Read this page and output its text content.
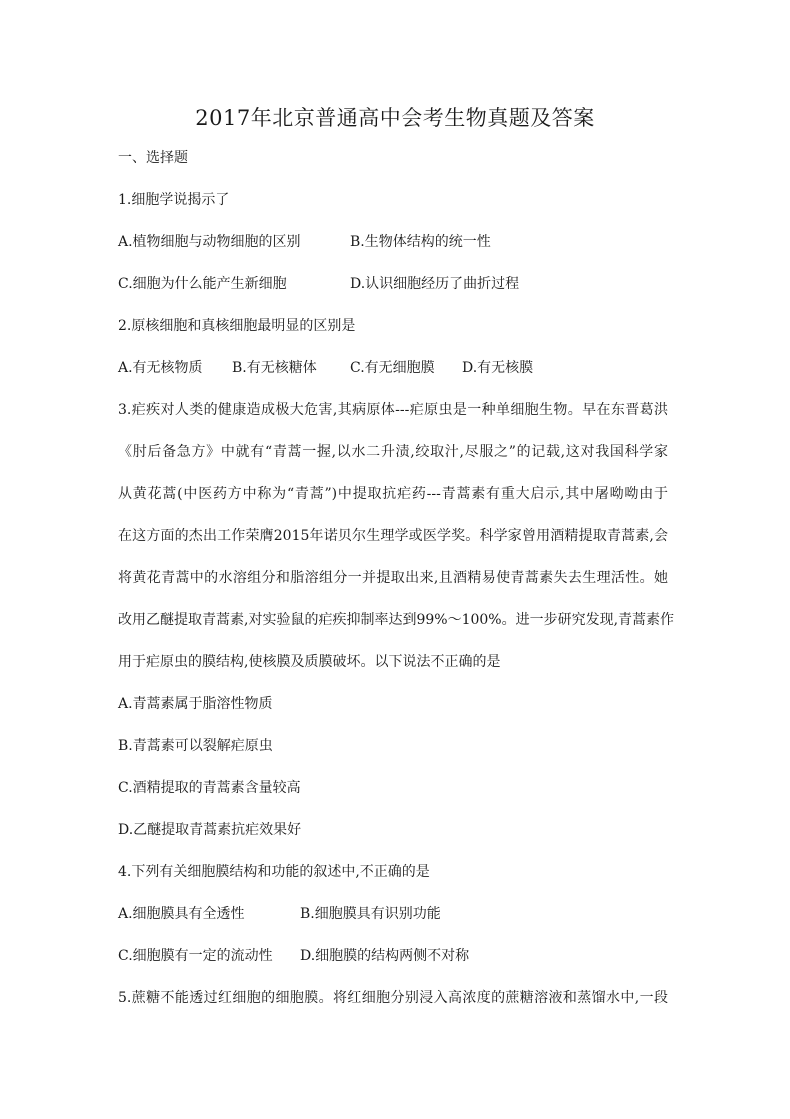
2017年北京普通高中会考生物真题及答案
一、选择题
1.细胞学说揭示了
A.植物细胞与动物细胞的区别	B.生物体结构的统一性
C.细胞为什么能产生新细胞	D.认识细胞经历了曲折过程
2.原核细胞和真核细胞最明显的区别是
A.有无核物质 B.有无核糖体 C.有无细胞膜 D.有无核膜
3.疟疾对人类的健康造成极大危害,其病原体---疟原虫是一种单细胞生物。早在东晋葛洪
《肘后备急方》中就有“青蒿一握,以水二升渍,绞取汁,尽服之”的记载,这对我国科学家
从黄花蒿(中医药方中称为“青蒿”)中提取抗疟药---青蒿素有重大启示,其中屠呦呦由于
在这方面的杰出工作荣膺2015年诺贝尔生理学或医学奖。科学家曾用酒精提取青蒿素,会
将黄花青蒿中的水溶组分和脂溶组分一并提取出来,且酒精易使青蒿素失去生理活性。她
改用乙醚提取青蒿素,对实验鼠的疟疾抑制率达到99%～100%。进一步研究发现,青蒿素作
用于疟原虫的膜结构,使核膜及质膜破坏。以下说法不正确的是
A.青蒿素属于脂溶性物质
B.青蒿素可以裂解疟原虫
C.酒精提取的青蒿素含量较高
D.乙醚提取青蒿素抗疟效果好
4.下列有关细胞膜结构和功能的叙述中,不正确的是
A.细胞膜具有全透性	B.细胞膜具有识别功能
C.细胞膜有一定的流动性 D.细胞膜的结构两侧不对称
5.蔗糖不能透过红细胞的细胞膜。将红细胞分别浸入高浓度的蔗糖溶液和蒸馏水中,一段
